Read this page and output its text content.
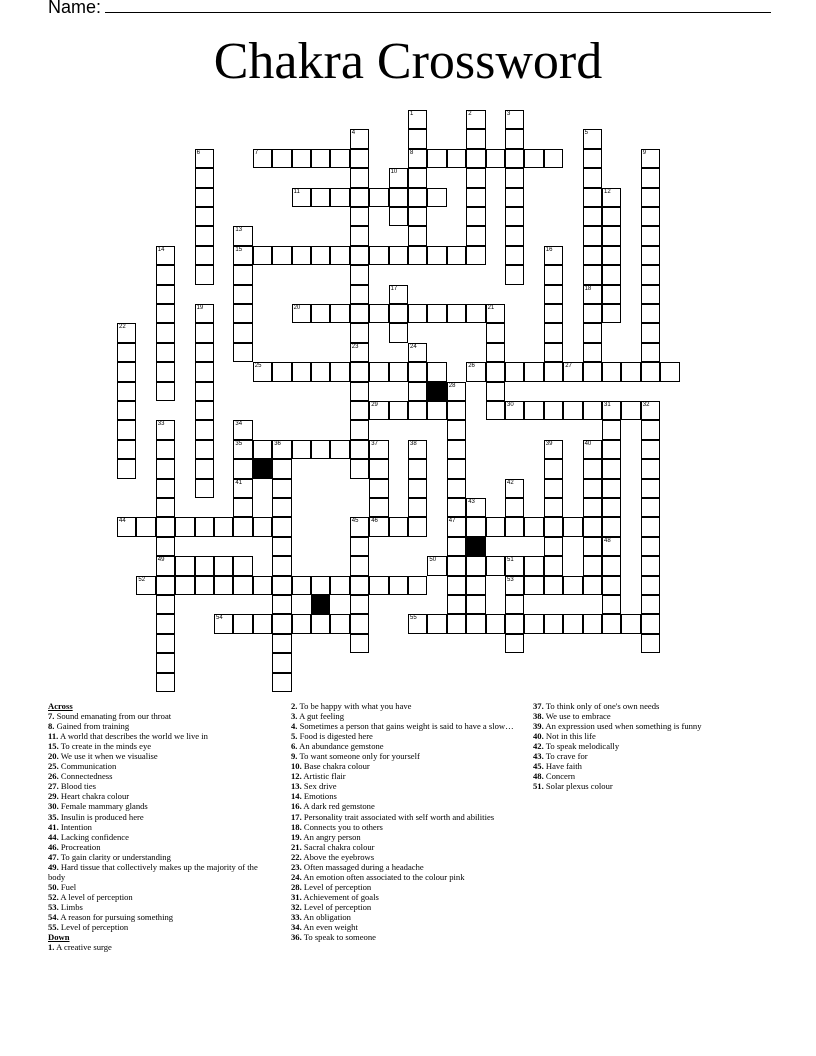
Name:
Chakra Crossword
7	8
11
15
20	21
25	26	27
29	30	31	32
35	36	37
44	46	47
49	50	51
52	53
54	55
1	2	3
4
23
5
6	9
10
12
13
14	16
17	18
19
22
24
28
33	34
41
38	39	40
42
43
45
48
Across
7. Sound emanating from our throat
8. Gained from training
11. A world that describes the world we live in
15. To create in the minds eye
20. We use it when we visualise
25. Communication
26. Connectedness
27. Blood ties
29. Heart chakra colour
30. Female mammary glands
35. Insulin is produced here
41. Intention
44. Lacking confidence
46. Procreation
47. To gain clarity or understanding
49. Hard tissue that collectively makes up the majority of the body
50. Fuel
52. A level of perception
53. Limbs
54. A reason for pursuing something
55. Level of perception
Down
1. A creative surge
2. To be happy with what you have
3. A gut feeling
4. Sometimes a person that gains weight is said to have a slow…
5. Food is digested here
6. An abundance gemstone
9. To want someone only for yourself
10. Base chakra colour
12. Artistic flair
13. Sex drive
14. Emotions
16. A dark red gemstone
17. Personality trait associated with self worth and abilities
18. Connects you to others
19. An angry person
21. Sacral chakra colour
22. Above the eyebrows
23. Often massaged during a headache
24. An emotion often associated to the colour pink
28. Level of perception
31. Achievement of goals
32. Level of perception
33. An obligation
34. An even weight
36. To speak to someone
37. To think only of one's own needs
38. We use to embrace
39. An expression used when something is funny
40. Not in this life
42. To speak melodically
43. To crave for
45. Have faith
48. Concern
51. Solar plexus colour
